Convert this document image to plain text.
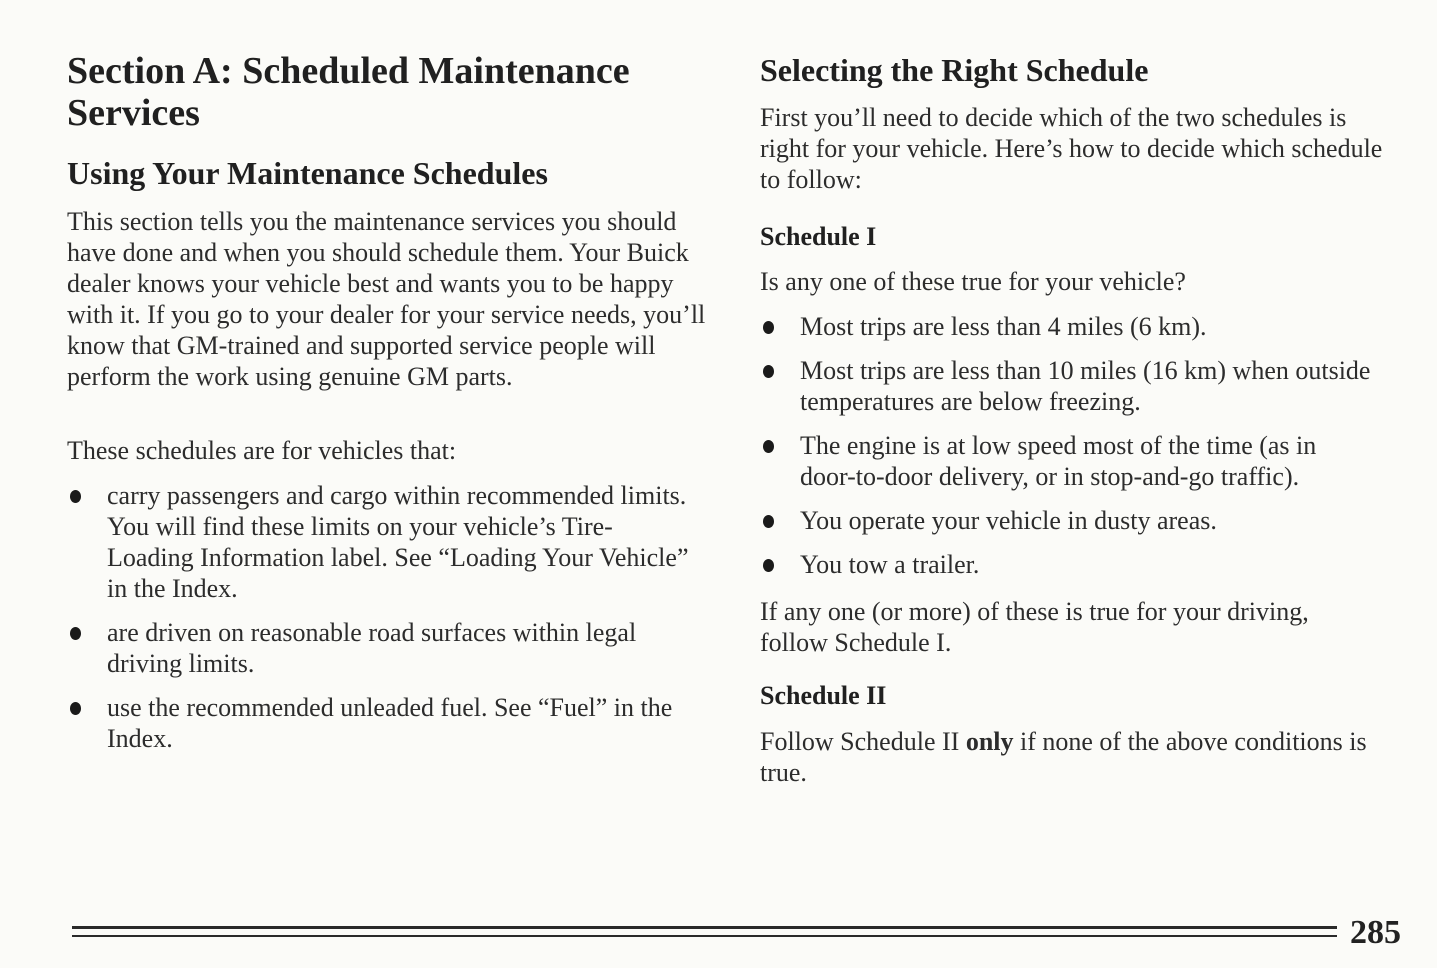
Section A: Scheduled Maintenance Services
Using Your Maintenance Schedules

This section tells you the maintenance services you should have done and when you should schedule them. Your Buick dealer knows your vehicle best and wants you to be happy with it. If you go to your dealer for your service needs, you’ll know that GM-trained and supported service people will perform the work using genuine GM parts.

These schedules are for vehicles that:

carry passengers and cargo within recommended limits. You will find these limits on your vehicle’s Tire-Loading Information label. See “Loading Your Vehicle” in the Index.
are driven on reasonable road surfaces within legal driving limits.
use the recommended unleaded fuel. See “Fuel” in the Index.
Selecting the Right Schedule

First you’ll need to decide which of the two schedules is right for your vehicle. Here’s how to decide which schedule to follow:

Schedule I

Is any one of these true for your vehicle?

Most trips are less than 4 miles (6 km).
Most trips are less than 10 miles (16 km) when outside temperatures are below freezing.
The engine is at low speed most of the time (as in door-to-door delivery, or in stop-and-go traffic).
You operate your vehicle in dusty areas.
You tow a trailer.

If any one (or more) of these is true for your driving, follow Schedule I.

Schedule II

Follow Schedule II only if none of the above conditions is true.

285
